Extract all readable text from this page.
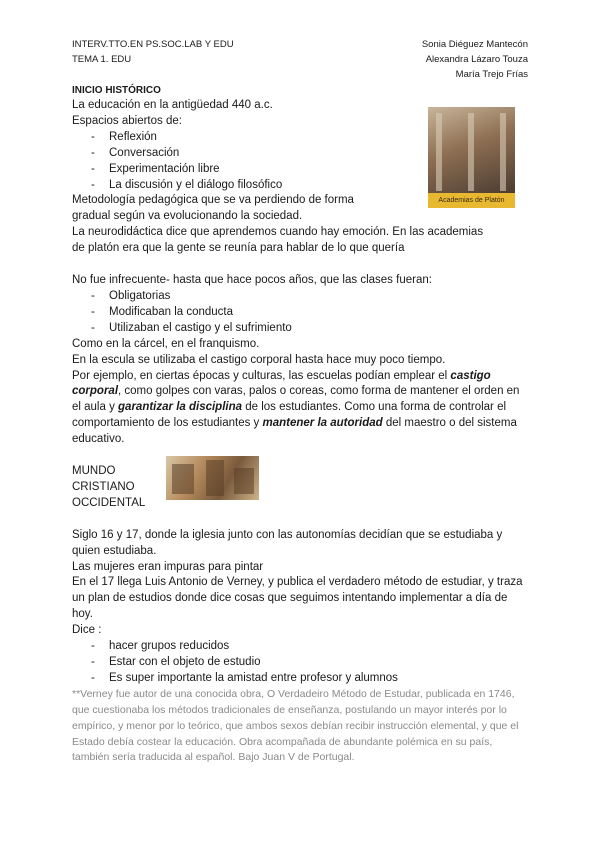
INTERV.TTO.EN PS.SOC.LAB Y EDU
TEMA 1. EDU
Sonia Diéguez Mantecón
Alexandra Lázaro Touza
María Trejo Frías
Academias de Platón
INICIO HISTÓRICO
La educación en la antigüedad 440 a.c.
Espacios abiertos de:
- Reflexión
- Conversación
- Experimentación libre
- La discusión y el diálogo filosófico
Metodología pedagógica que se va perdiendo de forma
gradual según va evolucionando la sociedad.
La neurodidáctica dice que aprendemos cuando hay emoción. En las academias
de platón era que la gente se reunía para hablar de lo que quería
No fue infrecuente- hasta que hace pocos años, que las clases fueran:
- Obligatorias
- Modificaban la conducta
- Utilizaban el castigo y el sufrimiento
Como en la cárcel, en el franquismo.
En la escula se utilizaba el castigo corporal hasta hace muy poco tiempo.
Por ejemplo, en ciertas épocas y culturas, las escuelas podían emplear el castigo corporal, como golpes con varas, palos o coreas, como forma de mantener el orden en el aula y garantizar la disciplina de los estudiantes. Como una forma de controlar el comportamiento de los estudiantes y mantener la autoridad del maestro o del sistema educativo.
MUNDO
CRISTIANO
OCCIDENTAL
Siglo 16 y 17, donde la iglesia junto con las autonomías decidían que se estudiaba y quien estudiaba.
Las mujeres eran impuras para pintar
En el 17 llega Luis Antonio de Verney, y publica el verdadero método de estudiar, y traza un plan de estudios donde dice cosas que seguimos intentando implementar a día de hoy.
Dice :
- hacer grupos reducidos
- Estar con el objeto de estudio
- Es super importante la amistad entre profesor y alumnos
**Verney fue autor de una conocida obra, O Verdadeiro Método de Estudar, publicada en 1746, que cuestionaba los métodos tradicionales de enseñanza, postulando un mayor interés por lo empírico, y menor por lo teórico, que ambos sexos debían recibir instrucción elemental, y que el Estado debía costear la educación. Obra acompañada de abundante polémica en su país, también sería traducida al español. Bajo Juan V de Portugal.
